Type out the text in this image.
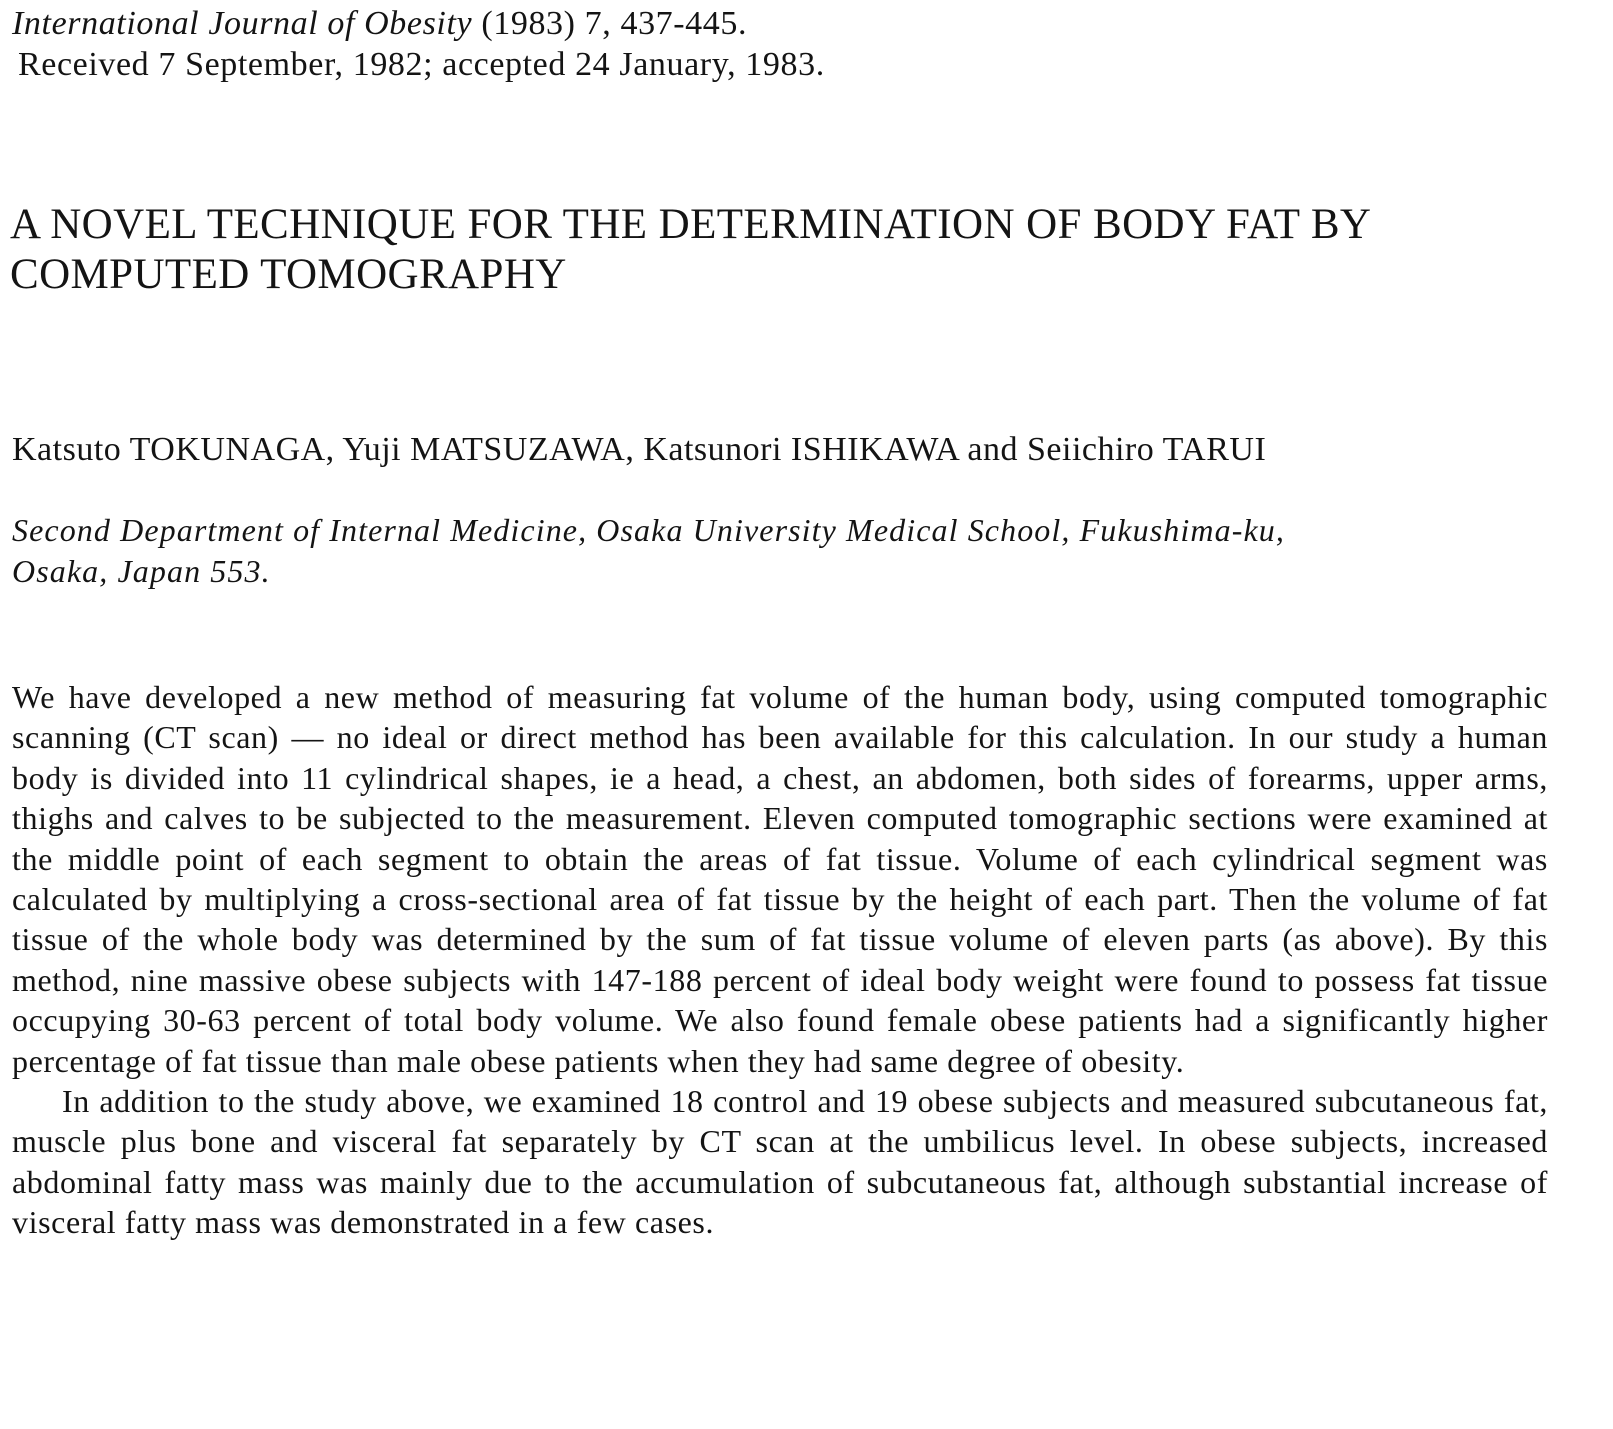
International Journal of Obesity (1983) 7, 437-445.
Received 7 September, 1982; accepted 24 January, 1983.
A NOVEL TECHNIQUE FOR THE DETERMINATION OF BODY FAT BY
COMPUTED TOMOGRAPHY
Katsuto TOKUNAGA, Yuji MATSUZAWA, Katsunori ISHIKAWA and Seiichiro TARUI
Second Department of Internal Medicine, Osaka University Medical School, Fukushima-ku,
Osaka, Japan 553.

We have developed a new method of measuring fat volume of the human body, using computed tomographic scanning (CT scan) — no ideal or direct method has been available for this calculation. In our study a human body is divided into 11 cylindrical shapes, ie a head, a chest, an abdomen, both sides of forearms, upper arms, thighs and calves to be subjected to the measurement. Eleven computed tomographic sections were examined at the middle point of each segment to obtain the areas of fat tissue. Volume of each cylindrical segment was calculated by multiplying a cross-sectional area of fat tissue by the height of each part. Then the volume of fat tissue of the whole body was determined by the sum of fat tissue volume of eleven parts (as above). By this method, nine massive obese subjects with 147-188 percent of ideal body weight were found to possess fat tissue occupying 30-63 percent of total body volume. We also found female obese patients had a significantly higher percentage of fat tissue than male obese patients when they had same degree of obesity.

In addition to the study above, we examined 18 control and 19 obese subjects and measured subcutaneous fat, muscle plus bone and visceral fat separately by CT scan at the umbilicus level. In obese subjects, increased abdominal fatty mass was mainly due to the accumulation of subcutaneous fat, although substantial increase of visceral fatty mass was demonstrated in a few cases.
